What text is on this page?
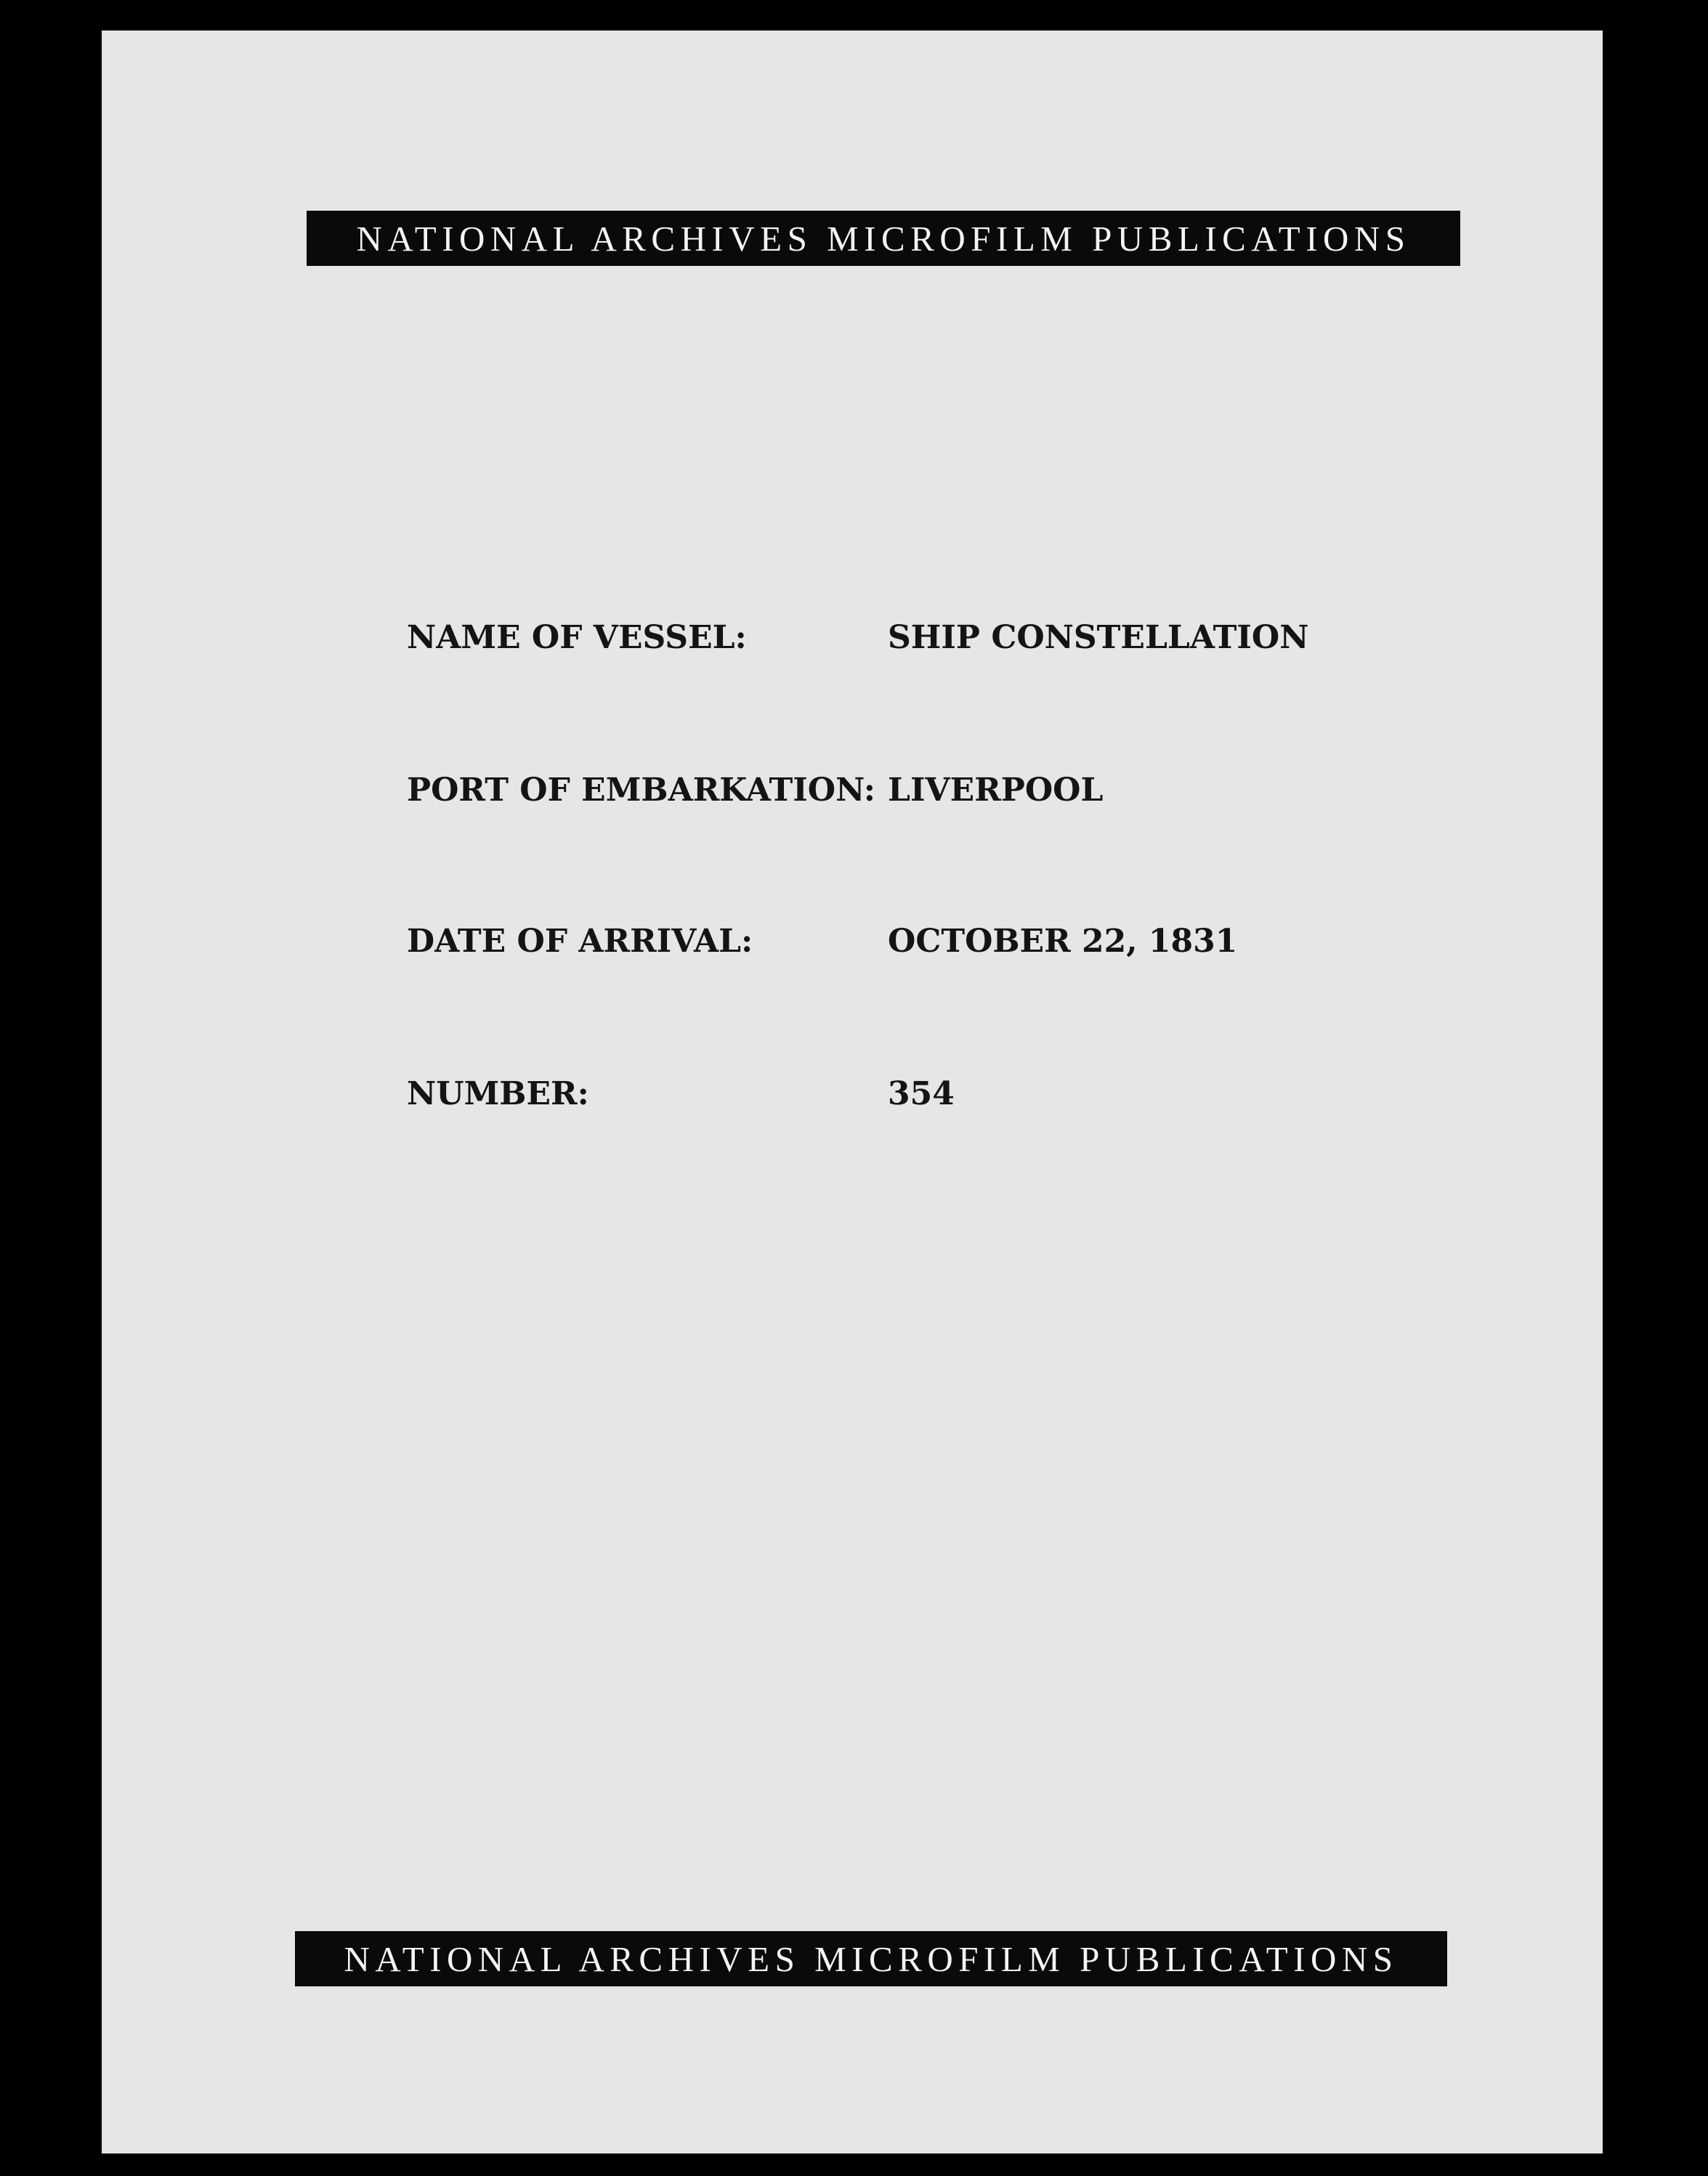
NATIONAL ARCHIVES MICROFILM PUBLICATIONS
NAME OF VESSEL:	SHIP CONSTELLATION
PORT OF EMBARKATION: LIVERPOOL
DATE OF ARRIVAL:	OCTOBER 22, 1831
NUMBER:	354
NATIONAL ARCHIVES MICROFILM PUBLICATIONS
